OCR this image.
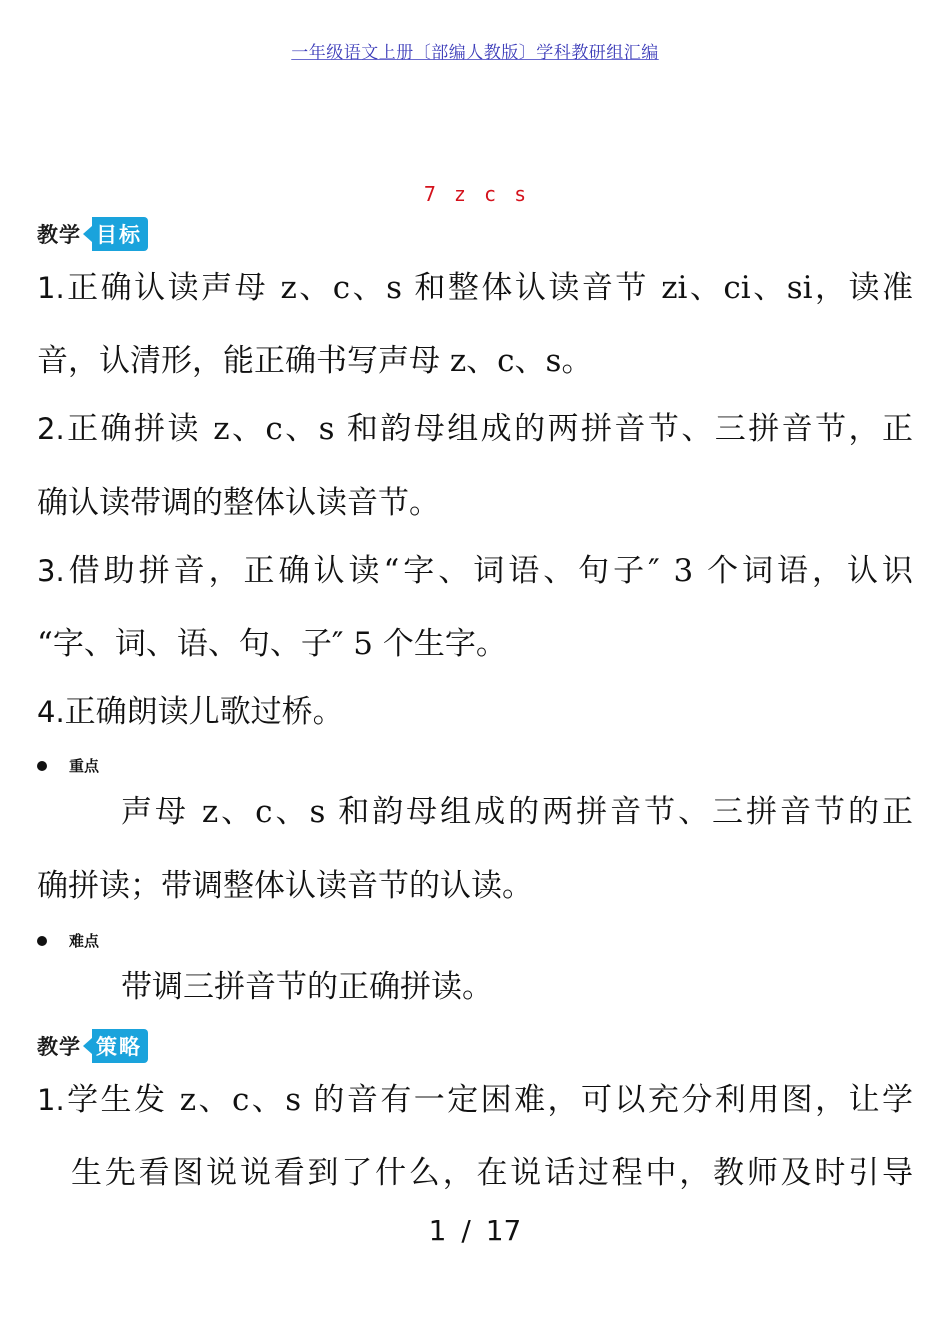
一年级语文上册〔部编人教版〕学科教研组汇编
7 z c s
教学 目标
1.正确认读声母 z、c、s 和整体认读音节 zi、ci、si，读准
音，认清形，能正确书写声母 z、c、s。
2.正确拼读 z、c、s 和韵母组成的两拼音节、三拼音节，正
确认读带调的整体认读音节。
3.借助拼音，正确认读“字、词语、句子″ 3 个词语，认识
“字、词、语、句、子″ 5 个生字。
4.正确朗读儿歌过桥。
重点
声母 z、c、s 和韵母组成的两拼音节、三拼音节的正
确拼读；带调整体认读音节的认读。
难点
带调三拼音节的正确拼读。
教学 策略
1.学生发 z、c、s 的音有一定困难，可以充分利用图，让学
生先看图说说看到了什么，在说话过程中，教师及时引导
1 / 17
